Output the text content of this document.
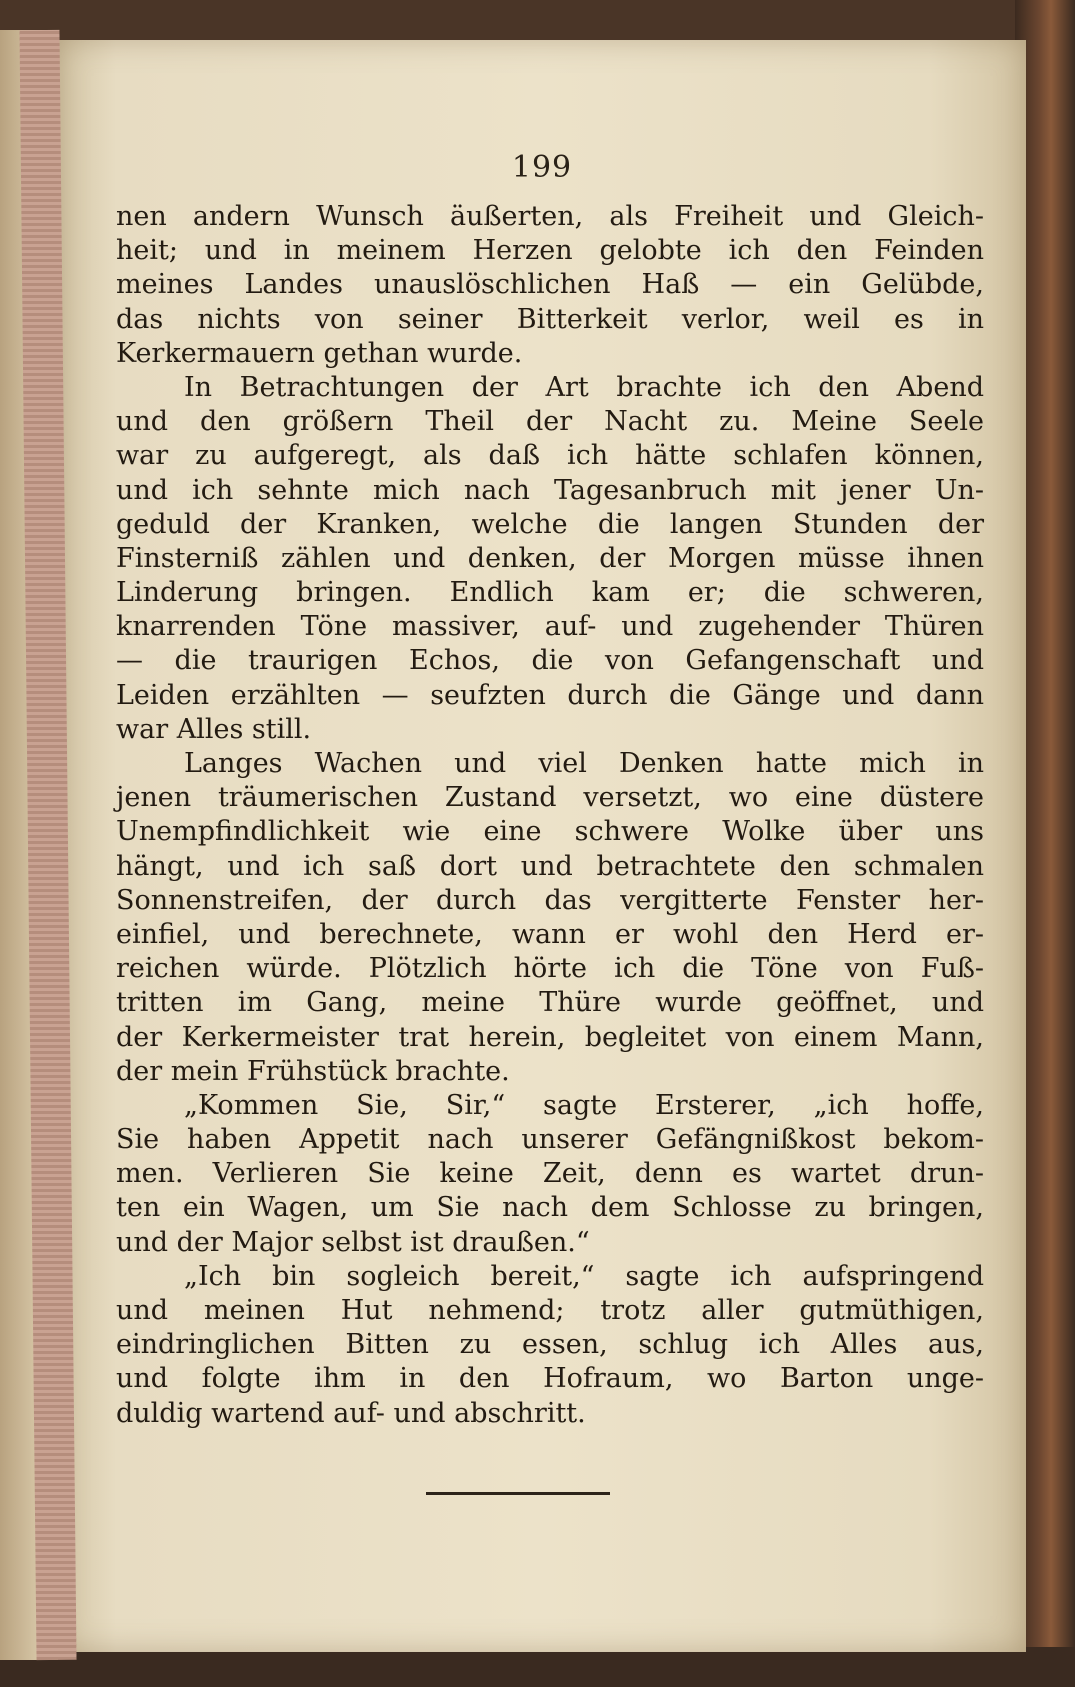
199
nen andern Wunsch äußerten, als Freiheit und Gleich-
heit; und in meinem Herzen gelobte ich den Feinden
meines Landes unauslöschlichen Haß — ein Gelübde,
das nichts von seiner Bitterkeit verlor, weil es in
Kerkermauern gethan wurde.
In Betrachtungen der Art brachte ich den Abend
und den größern Theil der Nacht zu. Meine Seele
war zu aufgeregt, als daß ich hätte schlafen können,
und ich sehnte mich nach Tagesanbruch mit jener Un-
geduld der Kranken, welche die langen Stunden der
Finsterniß zählen und denken, der Morgen müsse ihnen
Linderung bringen. Endlich kam er; die schweren,
knarrenden Töne massiver, auf- und zugehender Thüren
— die traurigen Echos, die von Gefangenschaft und
Leiden erzählten — seufzten durch die Gänge und dann
war Alles still.
Langes Wachen und viel Denken hatte mich in
jenen träumerischen Zustand versetzt, wo eine düstere
Unempfindlichkeit wie eine schwere Wolke über uns
hängt, und ich saß dort und betrachtete den schmalen
Sonnenstreifen, der durch das vergitterte Fenster her-
einfiel, und berechnete, wann er wohl den Herd er-
reichen würde. Plötzlich hörte ich die Töne von Fuß-
tritten im Gang, meine Thüre wurde geöffnet, und
der Kerkermeister trat herein, begleitet von einem Mann,
der mein Frühstück brachte.
„Kommen Sie, Sir,“ sagte Ersterer, „ich hoffe,
Sie haben Appetit nach unserer Gefängnißkost bekom-
men. Verlieren Sie keine Zeit, denn es wartet drun-
ten ein Wagen, um Sie nach dem Schlosse zu bringen,
und der Major selbst ist draußen.“
„Ich bin sogleich bereit,“ sagte ich aufspringend
und meinen Hut nehmend; trotz aller gutmüthigen,
eindringlichen Bitten zu essen, schlug ich Alles aus,
und folgte ihm in den Hofraum, wo Barton unge-
duldig wartend auf- und abschritt.
